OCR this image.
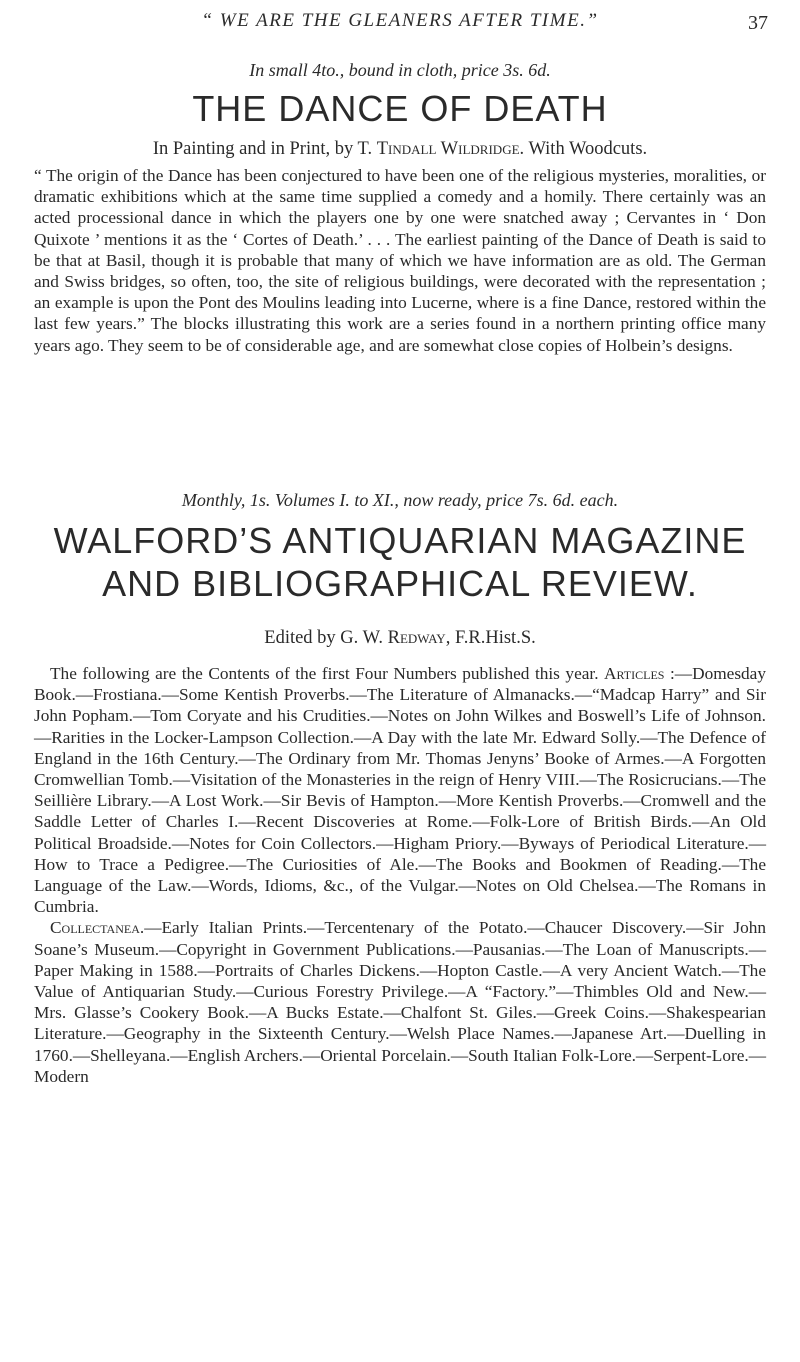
“ WE ARE THE GLEANERS AFTER TIME.”	37

In small 4to., bound in cloth, price 3s. 6d.

THE DANCE OF DEATH

In Painting and in Print, by T. Tindall Wildridge. With Woodcuts.

“ The origin of the Dance has been conjectured to have been one of the religious mysteries, moralities, or dramatic exhibitions which at the same time supplied a comedy and a homily. There certainly was an acted processional dance in which the players one by one were snatched away ; Cervantes in ‘ Don Quixote ’ mentions it as the ‘ Cortes of Death.’ . . . The earliest painting of the Dance of Death is said to be that at Basil, though it is probable that many of which we have information are as old. The German and Swiss bridges, so often, too, the site of religious buildings, were decorated with the representation ; an example is upon the Pont des Moulins leading into Lucerne, where is a fine Dance, restored within the last few years.” The blocks illustrating this work are a series found in a northern printing office many years ago. They seem to be of considerable age, and are somewhat close copies of Holbein’s designs.

Monthly, 1s. Volumes I. to XI., now ready, price 7s. 6d. each.

WALFORD’S ANTIQUARIAN MAGAZINE
AND BIBLIOGRAPHICAL REVIEW.

Edited by G. W. Redway, F.R.Hist.S.

The following are the Contents of the first Four Numbers published this year. Articles :—Domesday Book.—Frostiana.—Some Kentish Proverbs.—The Literature of Almanacks.—“Madcap Harry” and Sir John Popham.—Tom Coryate and his Crudities.—Notes on John Wilkes and Boswell’s Life of Johnson.—Rarities in the Locker-Lampson Collection.—A Day with the late Mr. Edward Solly.—The Defence of England in the 16th Century.—The Ordinary from Mr. Thomas Jenyns’ Booke of Armes.—A Forgotten Cromwellian Tomb.—Visitation of the Monasteries in the reign of Henry VIII.—The Rosicrucians.—The Seillière Library.—A Lost Work.—Sir Bevis of Hampton.—More Kentish Proverbs.—Cromwell and the Saddle Letter of Charles I.—Recent Discoveries at Rome.—Folk-Lore of British Birds.—An Old Political Broadside.—Notes for Coin Collectors.—Higham Priory.—Byways of Periodical Literature.—How to Trace a Pedigree.—The Curiosities of Ale.—The Books and Bookmen of Reading.—The Language of the Law.—Words, Idioms, &c., of the Vulgar.—Notes on Old Chelsea.—The Romans in Cumbria.

Collectanea.—Early Italian Prints.—Tercentenary of the Potato.—Chaucer Discovery.—Sir John Soane’s Museum.—Copyright in Government Publications.—Pausanias.—The Loan of Manuscripts.—Paper Making in 1588.—Portraits of Charles Dickens.—Hopton Castle.—A very Ancient Watch.—The Value of Antiquarian Study.—Curious Forestry Privilege.—A “Factory.”—Thimbles Old and New.—Mrs. Glasse’s Cookery Book.—A Bucks Estate.—Chalfont St. Giles.—Greek Coins.—Shakespearian Literature.—Geography in the Sixteenth Century.—Welsh Place Names.—Japanese Art.—Duelling in 1760.—Shelleyana.—English Archers.—Oriental Porcelain.—South Italian Folk-Lore.—Serpent-Lore.—Modern
